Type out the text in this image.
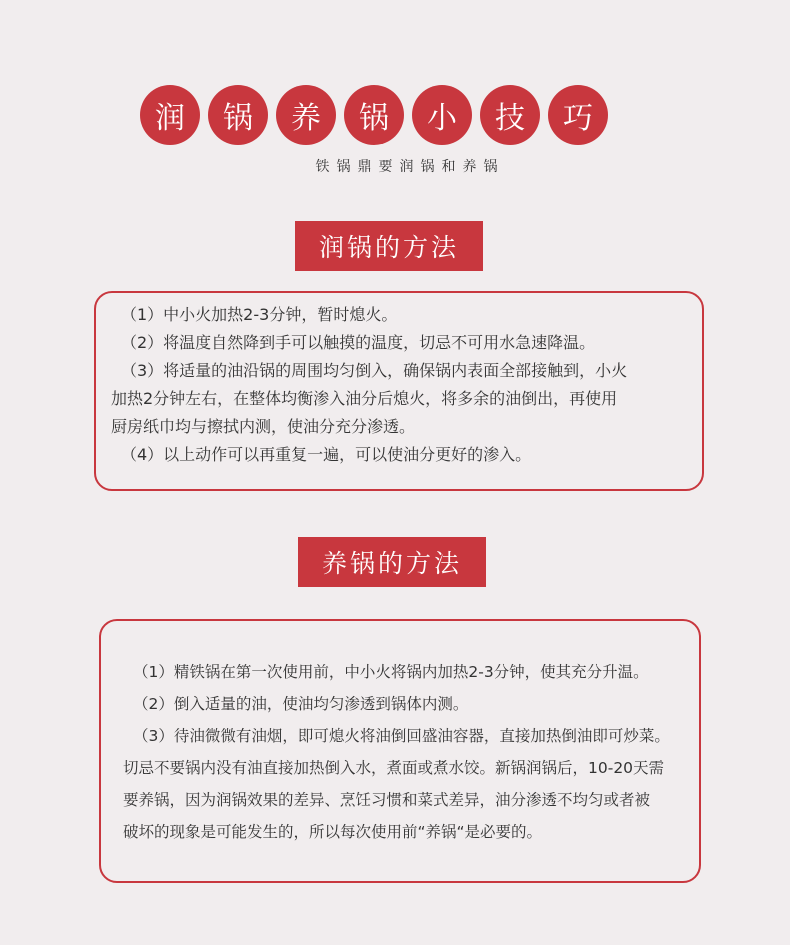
润	锅	养	锅	小	技	巧
铁锅鼎要润锅和养锅
润锅的方法
（1）中小火加热2-3分钟，暂时熄火。
（2）将温度自然降到手可以触摸的温度，切忌不可用水急速降温。
（3）将适量的油沿锅的周围均匀倒入，确保锅内表面全部接触到，小火
加热2分钟左右，在整体均衡渗入油分后熄火，将多余的油倒出，再使用
厨房纸巾均与擦拭内测，使油分充分渗透。
（4）以上动作可以再重复一遍，可以使油分更好的渗入。
养锅的方法
（1）精铁锅在第一次使用前，中小火将锅内加热2-3分钟，使其充分升温。
（2）倒入适量的油，使油均匀渗透到锅体内测。
（3）待油微微有油烟，即可熄火将油倒回盛油容器，直接加热倒油即可炒菜。
切忌不要锅内没有油直接加热倒入水，煮面或煮水饺。新锅润锅后，10-20天需
要养锅，因为润锅效果的差异、烹饪习惯和菜式差异，油分渗透不均匀或者被
破坏的现象是可能发生的，所以每次使用前“养锅“是必要的。
